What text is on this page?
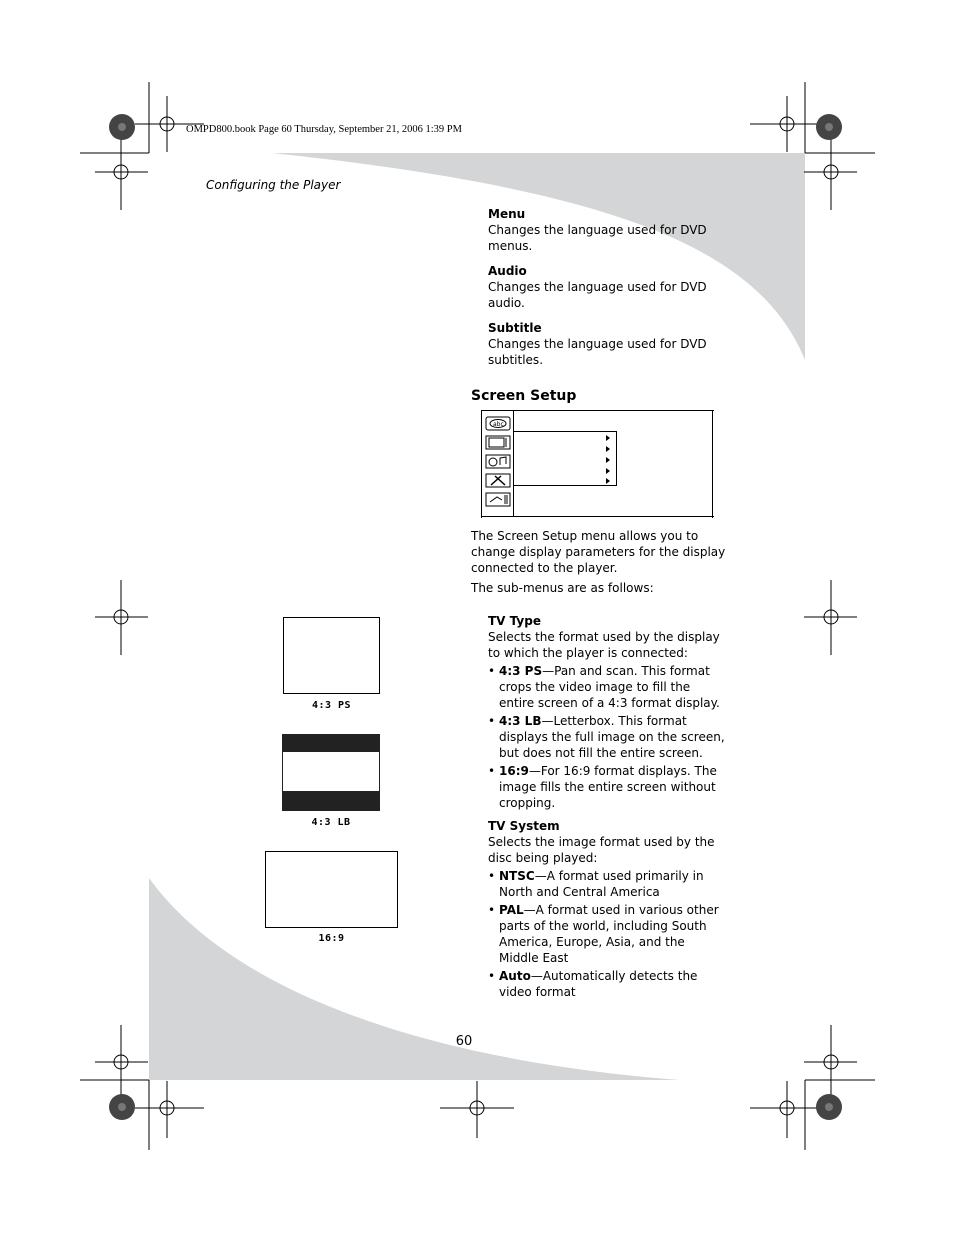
OMPD800.book Page 60 Thursday, September 21, 2006 1:39 PM
Configuring the Player

Menu

Changes the language used for DVD menus.

Audio

Changes the language used for DVD audio.

Subtitle

Changes the language used for DVD subtitles.

Screen Setup
abc
The Screen Setup menu allows you to change display parameters for the display connected to the player.
The sub-menus are as follows:

TV Type

Selects the format used by the display to which the player is connected:

• 4:3 PS—Pan and scan. This format crops the video image to fill the entire screen of a 4:3 format display.
• 4:3 LB—Letterbox. This format displays the full image on the screen, but does not fill the entire screen.
• 16:9—For 16:9 format displays. The image fills the entire screen without cropping.

TV System

Selects the image format used by the disc being played:

• NTSC—A format used primarily in North and Central America
• PAL—A format used in various other parts of the world, including South America, Europe, Asia, and the Middle East
• Auto—Automatically detects the video format
4:3 PS
4:3 LB
16:9
60
